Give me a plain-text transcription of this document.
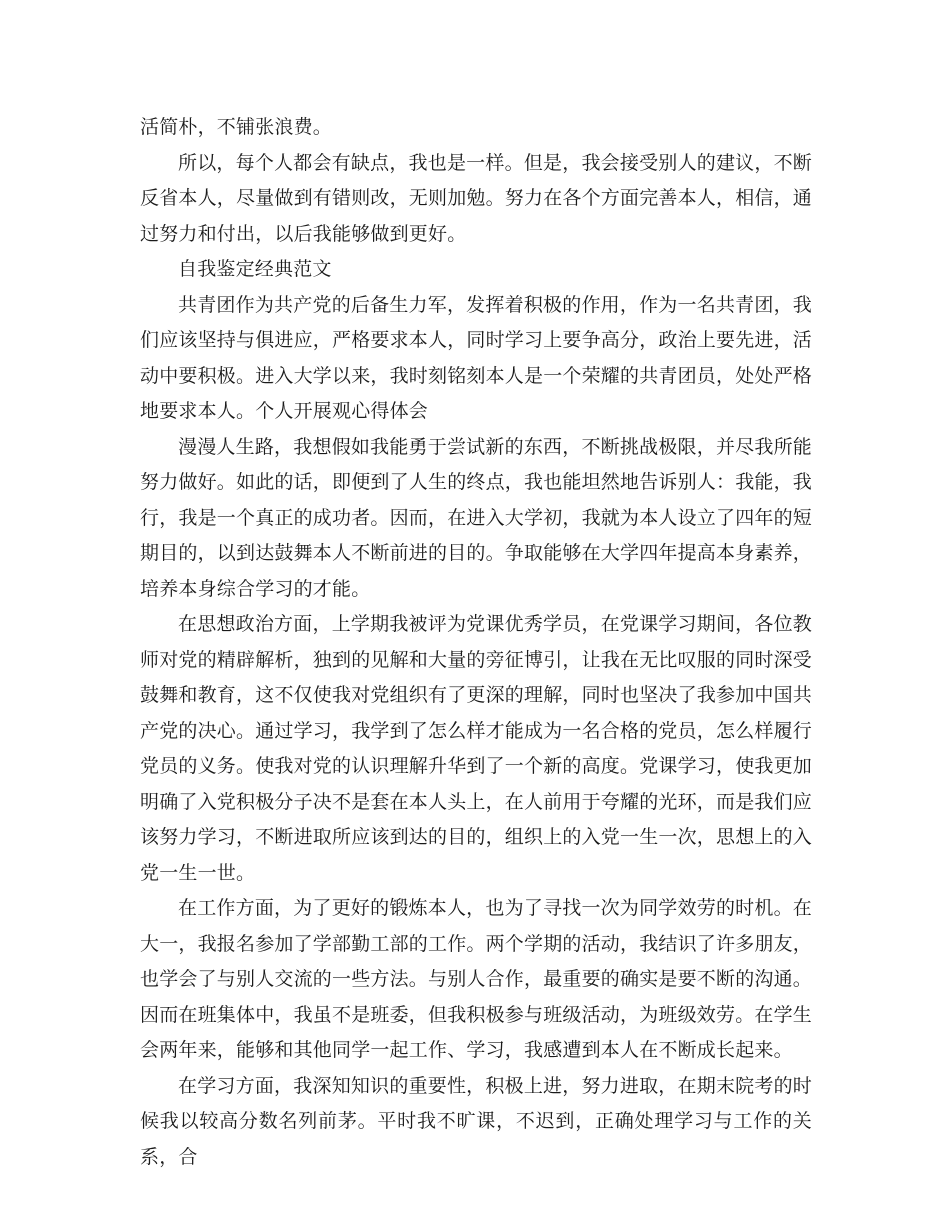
活简朴，不铺张浪费。

所以，每个人都会有缺点，我也是一样。但是，我会接受别人的建议，不断反省本人，尽量做到有错则改，无则加勉。努力在各个方面完善本人，相信，通过努力和付出，以后我能够做到更好。

自我鉴定经典范文

共青团作为共产党的后备生力军，发挥着积极的作用，作为一名共青团，我们应该坚持与俱进应，严格要求本人，同时学习上要争高分，政治上要先进，活动中要积极。进入大学以来，我时刻铭刻本人是一个荣耀的共青团员，处处严格地要求本人。个人开展观心得体会

漫漫人生路，我想假如我能勇于尝试新的东西，不断挑战极限，并尽我所能努力做好。如此的话，即便到了人生的终点，我也能坦然地告诉别人：我能，我行，我是一个真正的成功者。因而，在进入大学初，我就为本人设立了四年的短期目的，以到达鼓舞本人不断前进的目的。争取能够在大学四年提高本身素养，培养本身综合学习的才能。

在思想政治方面，上学期我被评为党课优秀学员，在党课学习期间，各位教师对党的精辟解析，独到的见解和大量的旁征博引，让我在无比叹服的同时深受鼓舞和教育，这不仅使我对党组织有了更深的理解，同时也坚决了我参加中国共产党的决心。通过学习，我学到了怎么样才能成为一名合格的党员，怎么样履行党员的义务。使我对党的认识理解升华到了一个新的高度。党课学习，使我更加明确了入党积极分子决不是套在本人头上，在人前用于夸耀的光环，而是我们应该努力学习，不断进取所应该到达的目的，组织上的入党一生一次，思想上的入党一生一世。

在工作方面，为了更好的锻炼本人，也为了寻找一次为同学效劳的时机。在大一，我报名参加了学部勤工部的工作。两个学期的活动，我结识了许多朋友，也学会了与别人交流的一些方法。与别人合作，最重要的确实是要不断的沟通。因而在班集体中，我虽不是班委，但我积极参与班级活动，为班级效劳。在学生会两年来，能够和其他同学一起工作、学习，我感遭到本人在不断成长起来。

在学习方面，我深知知识的重要性，积极上进，努力进取，在期末院考的时候我以较高分数名列前茅。平时我不旷课，不迟到，正确处理学习与工作的关系，合
